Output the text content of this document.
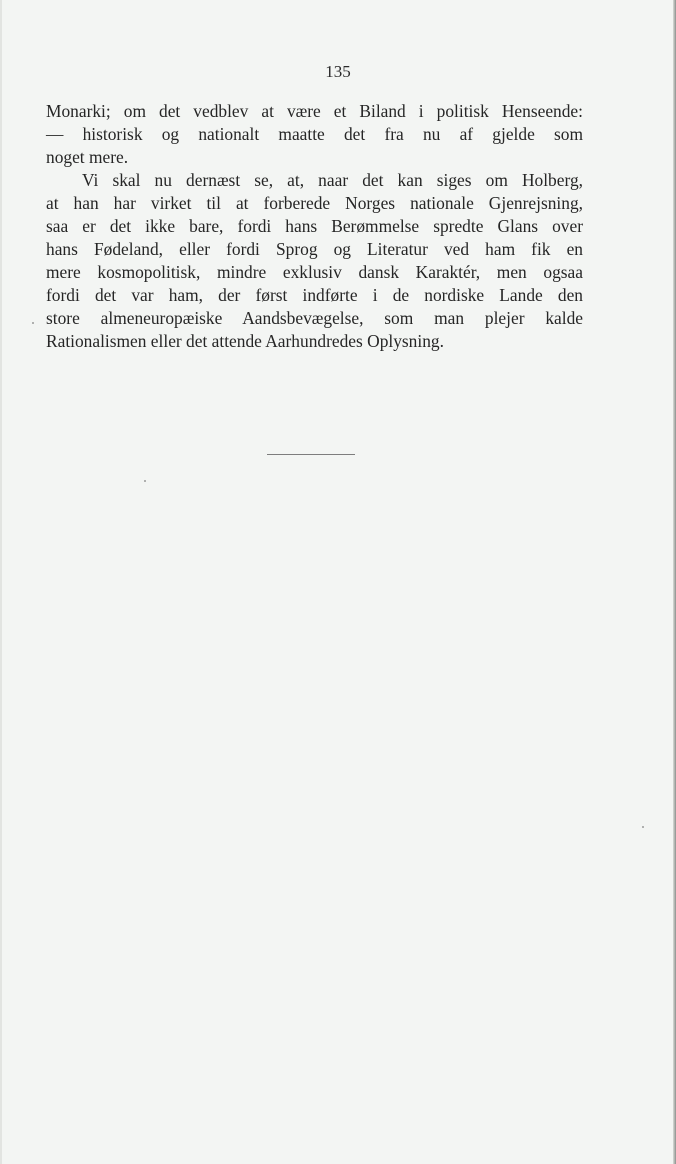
135
Monarki; om det vedblev at være et Biland i politisk Henseende:
— historisk og nationalt maatte det fra nu af gjelde som
noget mere.
Vi skal nu dernæst se, at, naar det kan siges om Holberg,
at han har virket til at forberede Norges nationale Gjenrejsning,
saa er det ikke bare, fordi hans Berømmelse spredte Glans over
hans Fødeland, eller fordi Sprog og Literatur ved ham fik en
mere kosmopolitisk, mindre exklusiv dansk Karaktér, men ogsaa
fordi det var ham, der først indførte i de nordiske Lande den
store almeneuropæiske Aandsbevægelse, som man plejer kalde
Rationalismen eller det attende Aarhundredes Oplysning.
